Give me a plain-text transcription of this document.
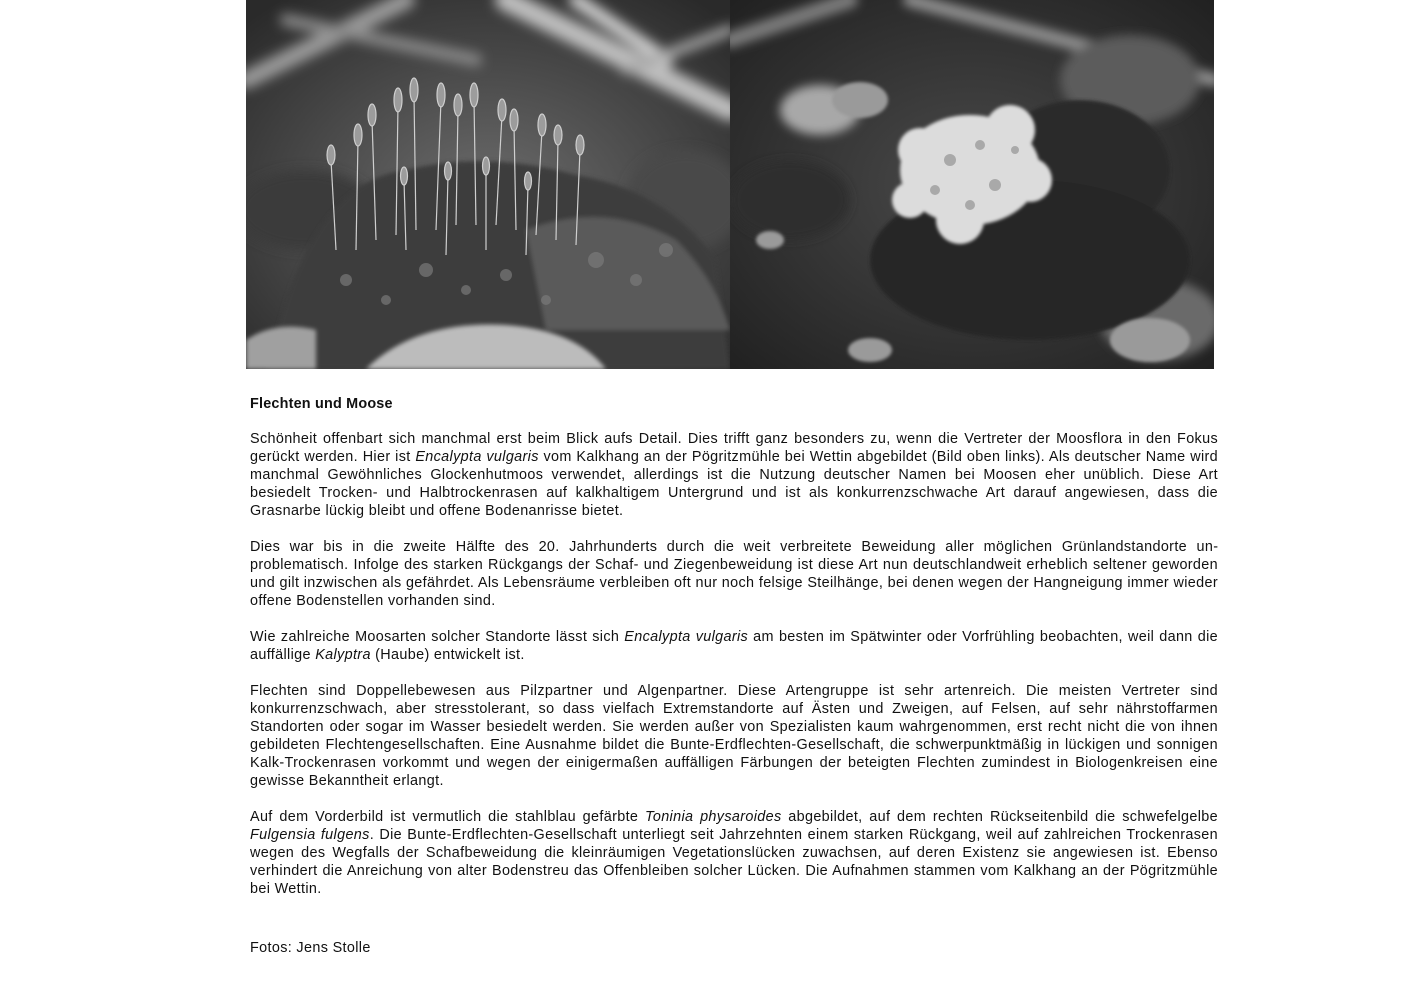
Flechten und Moose

Schönheit offenbart sich manchmal erst beim Blick aufs Detail. Dies trifft ganz besonders zu, wenn die Vertreter der Moosflora in den Fokus gerückt werden. Hier ist Encalypta vulgaris vom Kalkhang an der Pögritzmühle bei Wettin abgebildet (Bild oben links). Als deutscher Name wird manchmal Gewöhnliches Glockenhutmoos verwendet, allerdings ist die Nutzung deutscher Namen bei Moosen eher unüblich. Diese Art besiedelt Trocken- und Halbtrockenrasen auf kalkhaltigem Untergrund und ist als konkurrenzschwache Art darauf angewiesen, dass die Grasnarbe lückig bleibt und offene Bodenanrisse bietet.

Dies war bis in die zweite Hälfte des 20. Jahrhunderts durch die weit verbreitete Beweidung aller möglichen Grünlandstandorte unproblematisch. Infolge des starken Rückgangs der Schaf- und Ziegenbeweidung ist diese Art nun deutschlandweit erheblich seltener geworden und gilt inzwischen als gefährdet. Als Lebensräume verbleiben oft nur noch felsige Steilhänge, bei denen wegen der Hangneigung immer wieder offene Bodenstellen vorhanden sind.

Wie zahlreiche Moosarten solcher Standorte lässt sich Encalypta vulgaris am besten im Spätwinter oder Vorfrühling beobachten, weil dann die auffällige Kalyptra (Haube) entwickelt ist.

Flechten sind Doppellebewesen aus Pilzpartner und Algenpartner. Diese Artengruppe ist sehr artenreich. Die meisten Vertreter sind konkurrenzschwach, aber stresstolerant, so dass vielfach Extremstandorte auf Ästen und Zweigen, auf Felsen, auf sehr nährstoffarmen Standorten oder sogar im Wasser besiedelt werden. Sie werden außer von Spezialisten kaum wahrgenommen, erst recht nicht die von ihnen gebildeten Flechtengesellschaften. Eine Ausnahme bildet die Bunte-Erdflechten-Gesellschaft, die schwerpunktmäßig in lückigen und sonnigen Kalk-Trockenrasen vorkommt und wegen der einigermaßen auffälligen Färbungen der beteigten Flechten zumindest in Biologenkreisen eine gewisse Bekanntheit erlangt.

Auf dem Vorderbild ist vermutlich die stahlblau gefärbte Toninia physaroides abgebildet, auf dem rechten Rückseitenbild die schwefelgelbe Fulgensia fulgens. Die Bunte-Erdflechten-Gesellschaft unterliegt seit Jahrzehnten einem starken Rückgang, weil auf zahlreichen Trockenrasen wegen des Wegfalls der Schafbeweidung die kleinräumigen Vegetationslücken zuwachsen, auf deren Existenz sie angewiesen ist. Ebenso verhindert die Anreichung von alter Bodenstreu das Offenbleiben solcher Lücken. Die Aufnahmen stammen vom Kalkhang an der Pögritzmühle bei Wettin.

Fotos: Jens Stolle
